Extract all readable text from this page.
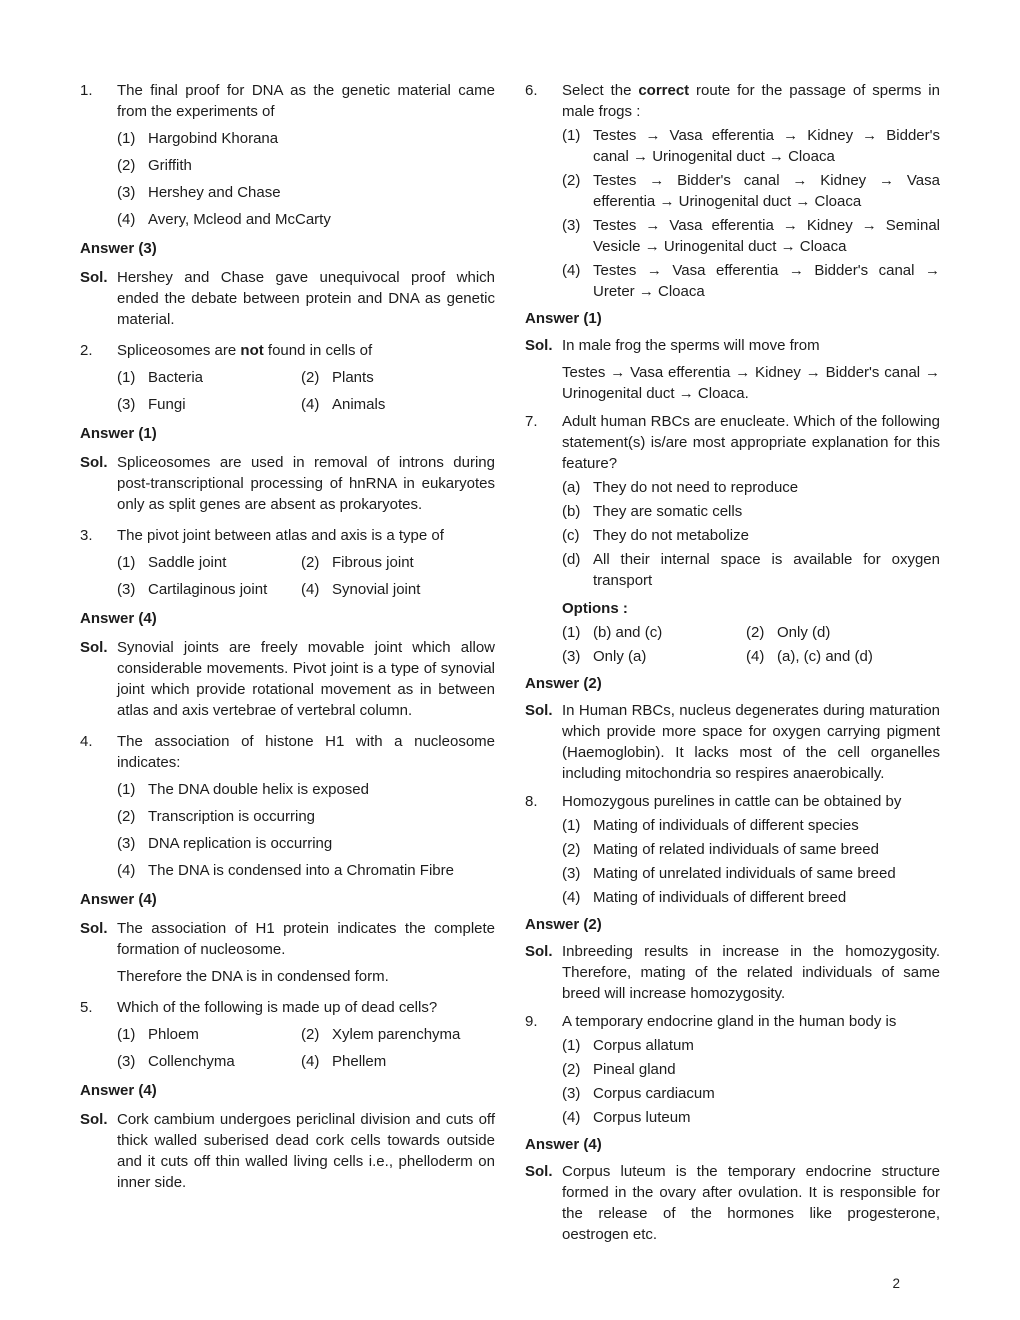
1.	The final proof for DNA as the genetic material came from the experiments of

(1) Hargobind Khorana
(2) Griffith
(3) Hershey and Chase
(4) Avery, Mcleod and McCarty

Answer (3)

Sol. Hershey and Chase gave unequivocal proof which ended the debate between protein and DNA as genetic material.

2.	Spliceosomes are not found in cells of

(1) Bacteria	(2) Plants
(3) Fungi	(4) Animals

Answer (1)

Sol. Spliceosomes are used in removal of introns during post-transcriptional processing of hnRNA in eukaryotes only as split genes are absent as prokaryotes.

3.	The pivot joint between atlas and axis is a type of

(1) Saddle joint	(2) Fibrous joint
(3) Cartilaginous joint	(4) Synovial joint

Answer (4)

Sol. Synovial joints are freely movable joint which allow considerable movements. Pivot joint is a type of synovial joint which provide rotational movement as in between atlas and axis vertebrae of vertebral column.

4.	The association of histone H1 with a nucleosome indicates:

(1) The DNA double helix is exposed
(2) Transcription is occurring
(3) DNA replication is occurring
(4) The DNA is condensed into a Chromatin Fibre

Answer (4)

Sol. The association of H1 protein indicates the complete formation of nucleosome.

Therefore the DNA is in condensed form.

5.	Which of the following is made up of dead cells?

(1) Phloem	(2) Xylem parenchyma
(3) Collenchyma	(4) Phellem

Answer (4)

Sol. Cork cambium undergoes periclinal division and cuts off thick walled suberised dead cork cells towards outside and it cuts off thin walled living cells i.e., phelloderm on inner side.

6.	Select the correct route for the passage of sperms in male frogs :

(1) Testes → Vasa efferentia → Kidney → Bidder's canal → Urinogenital duct → Cloaca
(2) Testes → Bidder's canal → Kidney → Vasa efferentia → Urinogenital duct → Cloaca
(3) Testes → Vasa efferentia → Kidney → Seminal Vesicle → Urinogenital duct → Cloaca
(4) Testes → Vasa efferentia → Bidder's canal → Ureter → Cloaca

Answer (1)

Sol. In male frog the sperms will move from

Testes → Vasa efferentia → Kidney → Bidder's canal → Urinogenital duct → Cloaca.

7.	Adult human RBCs are enucleate. Which of the following statement(s) is/are most appropriate explanation for this feature?

(a) They do not need to reproduce
(b) They are somatic cells
(c) They do not metabolize
(d) All their internal space is available for oxygen transport

Options :

(1) (b) and (c)	(2) Only (d)
(3) Only (a)	(4) (a), (c) and (d)

Answer (2)

Sol. In Human RBCs, nucleus degenerates during maturation which provide more space for oxygen carrying pigment (Haemoglobin). It lacks most of the cell organelles including mitochondria so respires anaerobically.

8.	Homozygous purelines in cattle can be obtained by

(1) Mating of individuals of different species
(2) Mating of related individuals of same breed
(3) Mating of unrelated individuals of same breed
(4) Mating of individuals of different breed

Answer (2)

Sol. Inbreeding results in increase in the homozygosity. Therefore, mating of the related individuals of same breed will increase homozygosity.

9.	A temporary endocrine gland in the human body is

(1) Corpus allatum
(2) Pineal gland
(3) Corpus cardiacum
(4) Corpus luteum

Answer (4)

Sol. Corpus luteum is the temporary endocrine structure formed in the ovary after ovulation. It is responsible for the release of the hormones like progesterone, oestrogen etc.

2
